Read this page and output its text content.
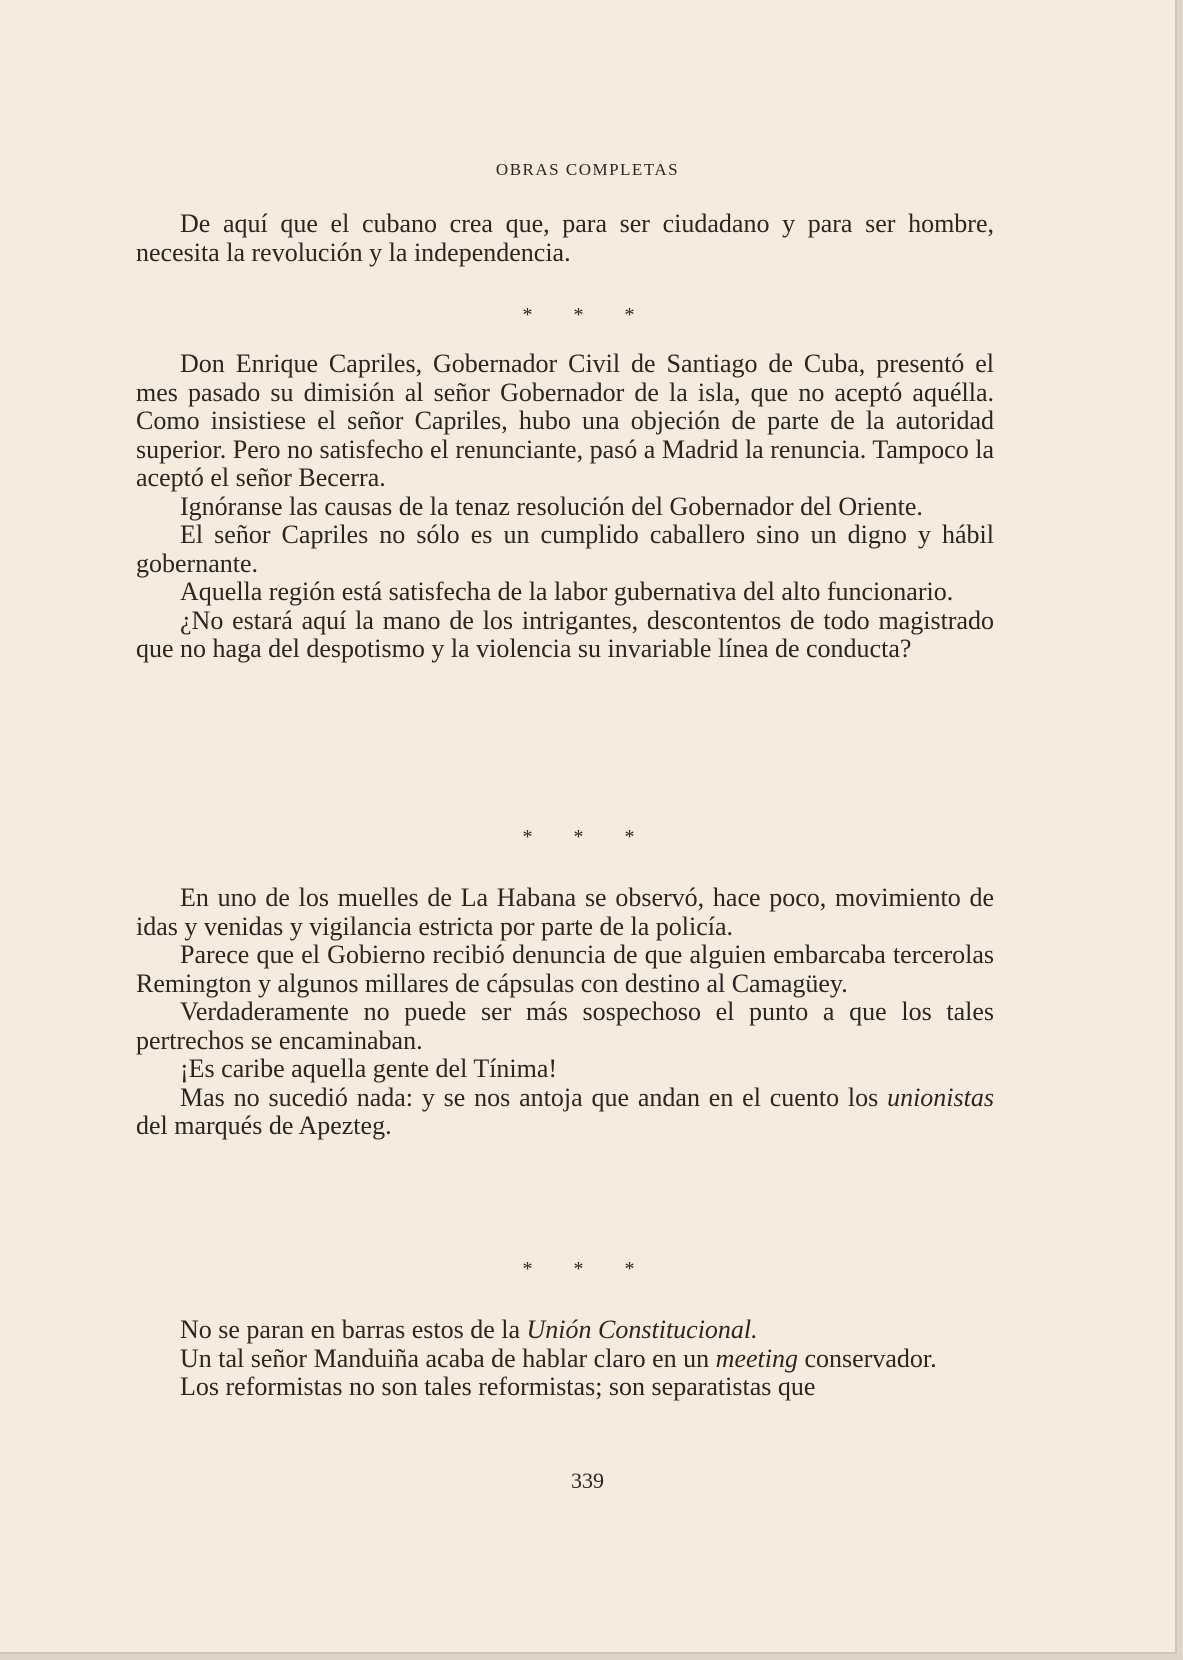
OBRAS COMPLETAS

De aquí que el cubano crea que, para ser ciudadano y para ser hombre, necesita la revolución y la independencia.

* * *

Don Enrique Capriles, Gobernador Civil de Santiago de Cuba, presentó el mes pasado su dimisión al señor Gobernador de la isla, que no aceptó aquélla. Como insistiese el señor Capriles, hubo una objeción de parte de la autoridad superior. Pero no satisfecho el renunciante, pasó a Madrid la renuncia. Tampoco la aceptó el señor Becerra.

Ignóranse las causas de la tenaz resolución del Gobernador del Oriente.

El señor Capriles no sólo es un cumplido caballero sino un digno y hábil gobernante.

Aquella región está satisfecha de la labor gubernativa del alto funcionario.

¿No estará aquí la mano de los intrigantes, descontentos de todo magistrado que no haga del despotismo y la violencia su invariable línea de conducta?

* * *

En uno de los muelles de La Habana se observó, hace poco, movimiento de idas y venidas y vigilancia estricta por parte de la policía.

Parece que el Gobierno recibió denuncia de que alguien embarcaba tercerolas Remington y algunos millares de cápsulas con destino al Camagüey.

Verdaderamente no puede ser más sospechoso el punto a que los tales pertrechos se encaminaban.

¡Es caribe aquella gente del Tínima!

Mas no sucedió nada: y se nos antoja que andan en el cuento los unionistas del marqués de Apezteg.

* * *

No se paran en barras estos de la Unión Constitucional.

Un tal señor Manduiña acaba de hablar claro en un meeting conservador.

Los reformistas no son tales reformistas; son separatistas que

339
